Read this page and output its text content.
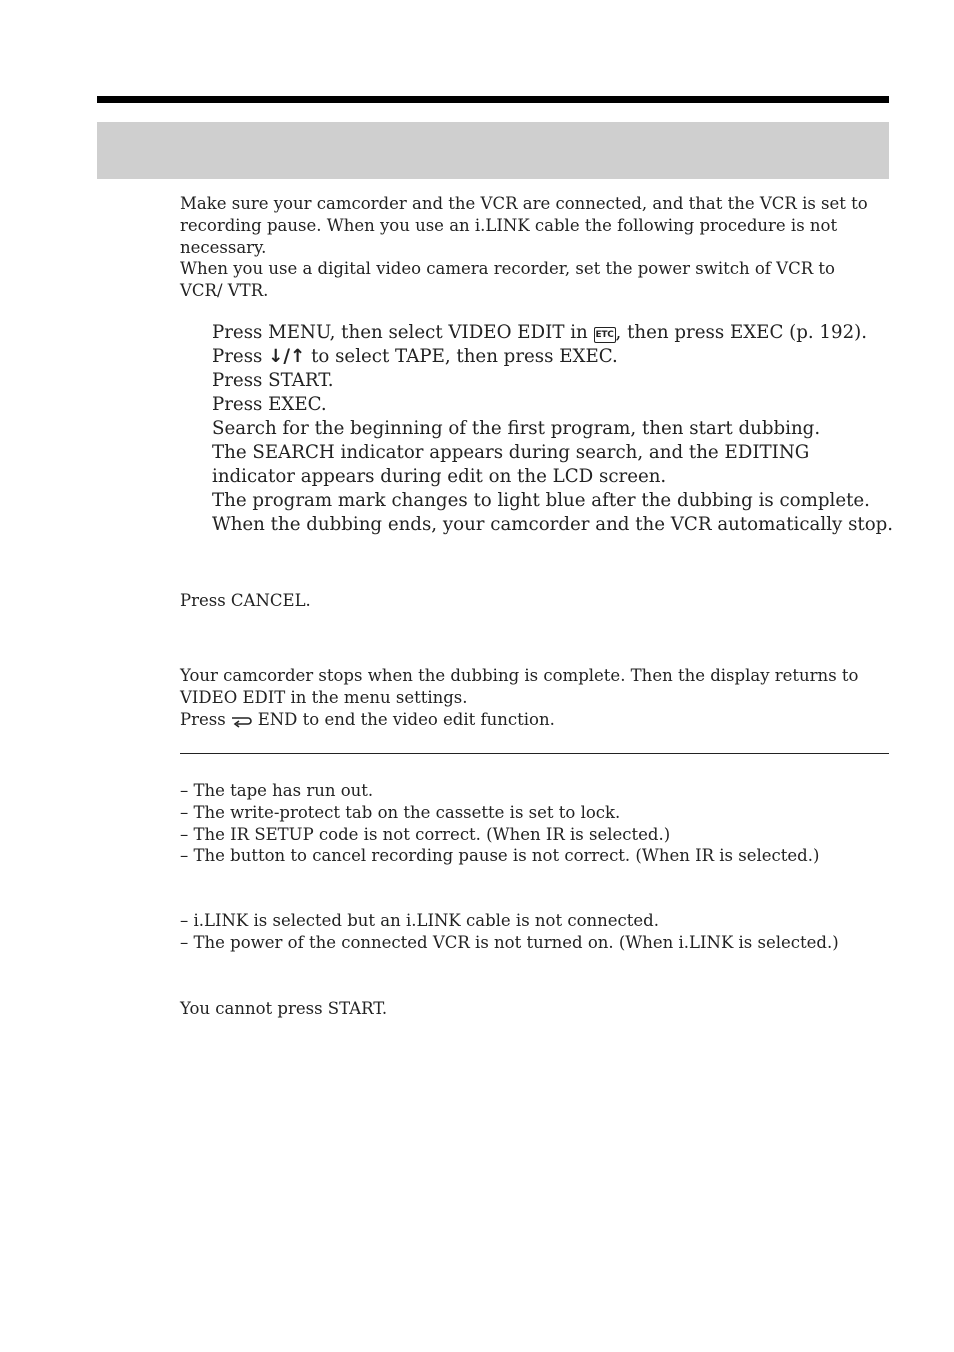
Make sure your camcorder and the VCR are connected, and that the VCR is set to recording pause. When you use an i.LINK cable the following procedure is not necessary.

When you use a digital video camera recorder, set the power switch of VCR to VCR/ VTR.

Press MENU, then select VIDEO EDIT in ETC , then press EXEC (p. 192).

Press ↓/↑ to select TAPE, then press EXEC.

Press START.

Press EXEC.

Search for the beginning of the first program, then start dubbing.

The SEARCH indicator appears during search, and the EDITING indicator appears during edit on the LCD screen.

The program mark changes to light blue after the dubbing is complete.

When the dubbing ends, your camcorder and the VCR automatically stop.

Press CANCEL.

Your camcorder stops when the dubbing is complete. Then the display returns to VIDEO EDIT in the menu settings.

Press END to end the video edit function.

– The tape has run out.

– The write-protect tab on the cassette is set to lock.

– The IR SETUP code is not correct. (When IR is selected.)

– The button to cancel recording pause is not correct. (When IR is selected.)

– i.LINK is selected but an i.LINK cable is not connected.

– The power of the connected VCR is not turned on. (When i.LINK is selected.)

You cannot press START.
